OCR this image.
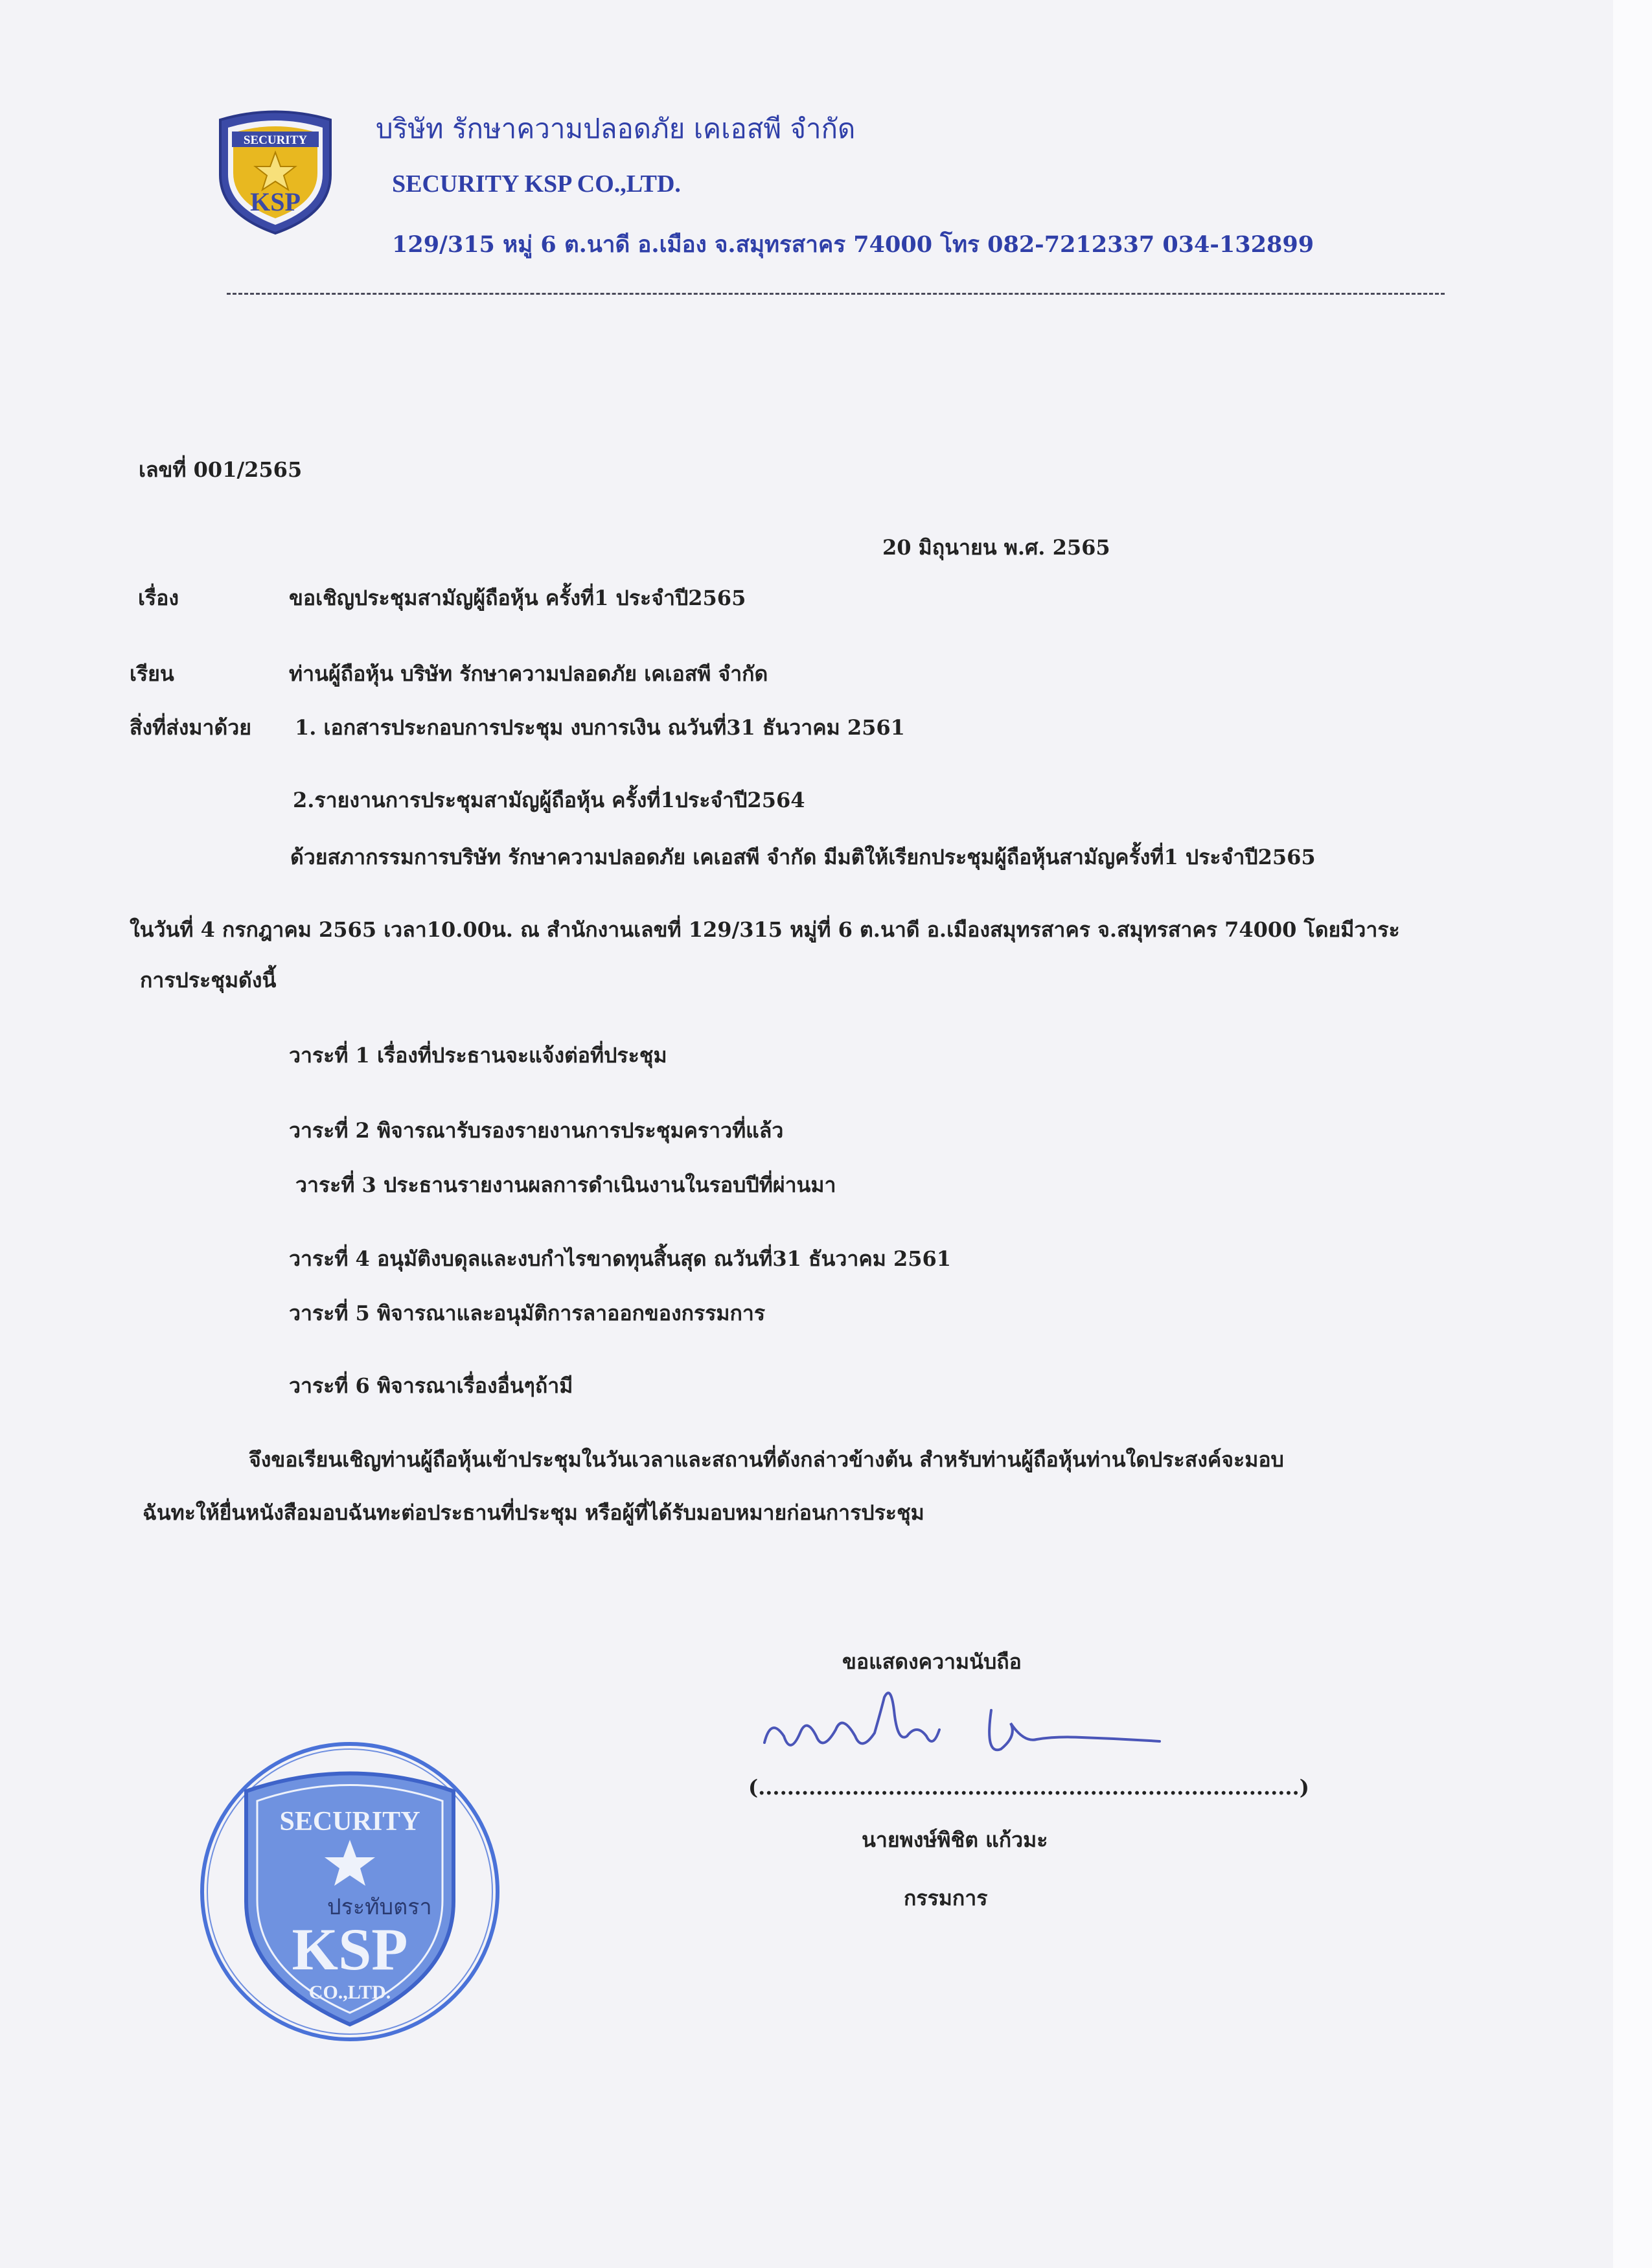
SECURITY
KSP
บริษัท รักษาความปลอดภัย เคเอสพี จำกัด
SECURITY KSP CO.,LTD.
129/315 หมู่ 6 ต.นาดี อ.เมือง จ.สมุทรสาคร 74000 โทร 082-7212337 034-132899
เลขที่ 001/2565
20 มิถุนายน พ.ศ. 2565
เรื่อง	ขอเชิญประชุมสามัญผู้ถือหุ้น ครั้งที่1 ประจำปี2565
เรียน	ท่านผู้ถือหุ้น บริษัท รักษาความปลอดภัย เคเอสพี จำกัด
สิ่งที่ส่งมาด้วย 1. เอกสารประกอบการประชุม งบการเงิน ณวันที่31 ธันวาคม 2561
2.รายงานการประชุมสามัญผู้ถือหุ้น ครั้งที่1ประจำปี2564
ด้วยสภากรรมการบริษัท รักษาความปลอดภัย เคเอสพี จำกัด มีมติให้เรียกประชุมผู้ถือหุ้นสามัญครั้งที่1 ประจำปี2565
ในวันที่ 4 กรกฎาคม 2565 เวลา10.00น. ณ สำนักงานเลขที่ 129/315 หมู่ที่ 6 ต.นาดี อ.เมืองสมุทรสาคร จ.สมุทรสาคร 74000 โดยมีวาระ
การประชุมดังนี้
วาระที่ 1 เรื่องที่ประธานจะแจ้งต่อที่ประชุม
วาระที่ 2 พิจารณารับรองรายงานการประชุมคราวที่แล้ว
วาระที่ 3 ประธานรายงานผลการดำเนินงานในรอบปีที่ผ่านมา
วาระที่ 4 อนุมัติงบดุลและงบกำไรขาดทุนสิ้นสุด ณวันที่31 ธันวาคม 2561
วาระที่ 5 พิจารณาและอนุมัติการลาออกของกรรมการ
วาระที่ 6 พิจารณาเรื่องอื่นๆถ้ามี
จึงขอเรียนเชิญท่านผู้ถือหุ้นเข้าประชุมในวันเวลาและสถานที่ดังกล่าวข้างต้น สำหรับท่านผู้ถือหุ้นท่านใดประสงค์จะมอบ
ฉันทะให้ยื่นหนังสือมอบฉันทะต่อประธานที่ประชุม หรือผู้ที่ได้รับมอบหมายก่อนการประชุม
ขอแสดงความนับถือ
(...........................................................................)
นายพงษ์พิชิต แก้วมะ
กรรมการ
SECURITY
ประทับตรา
KSP
CO.,LTD.
